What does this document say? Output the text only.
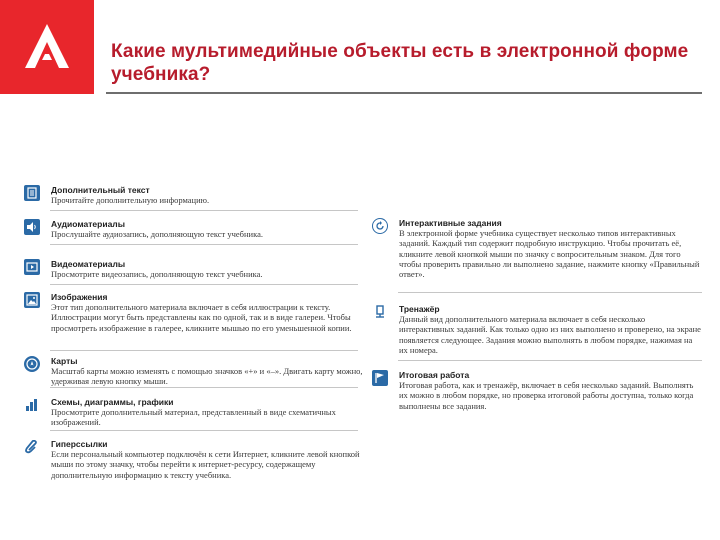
Какие мультимедийные объекты есть в электронной форме учебника?
Дополнительный текст
Прочитайте дополнительную информацию.
Аудиоматериалы
Прослушайте аудиозапись, дополняющую текст учебника.
Видеоматериалы
Просмотрите видеозапись, дополняющую текст учебника.
Изображения
Этот тип дополнительного материала включает в себя иллюстрации к тексту. Иллюстрации могут быть представлены как по одной, так и в виде галереи. Чтобы просмотреть изображение в галерее, кликните мышью по его уменьшенной копии.
Карты
Масштаб карты можно изменять с помощью значков «+» и «–». Двигать карту можно, удерживая левую кнопку мыши.
Схемы, диаграммы, графики
Просмотрите дополнительный материал, представленный в виде схематичных изображений.
Гиперссылки
Если персональный компьютер подключён к сети Интернет, кликните левой кнопкой мыши по этому значку, чтобы перейти к интернет-ресурсу, содержащему дополнительную информацию к тексту учебника.
Интерактивные задания
В электронной форме учебника существует несколько типов интерактивных заданий. Каждый тип содержит подробную инструкцию. Чтобы прочитать её, кликните левой кнопкой мыши по значку с вопросительным знаком. Для того чтобы проверить правильно ли выполнено задание, нажмите кнопку «Правильный ответ».
Тренажёр
Данный вид дополнительного материала включает в себя несколько интерактивных заданий. Как только одно из них выполнено и проверено, на экране появляется следующее. Задания можно выполнять в любом порядке, нажимая на их номера.
Итоговая работа
Итоговая работа, как и тренажёр, включает в себя несколько заданий. Выполнять их можно в любом порядке, но проверка итоговой работы доступна, только когда выполнены все задания.
